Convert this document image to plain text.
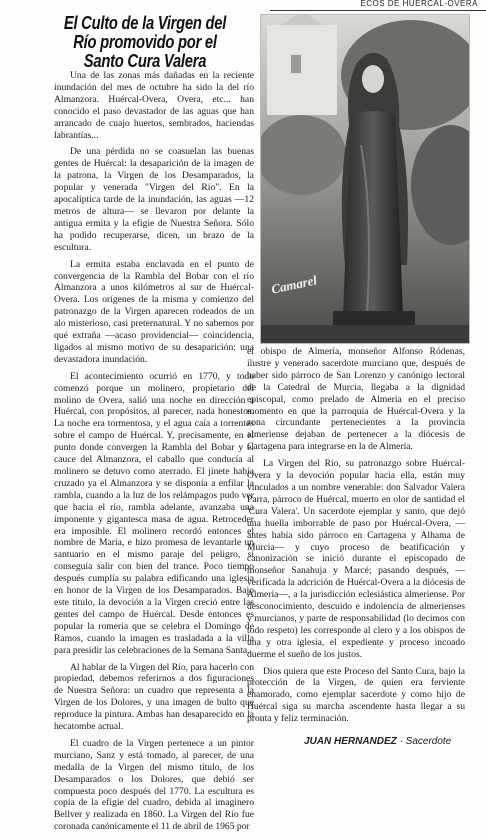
ECOS DE HUÉRCAL-OVERA
El Culto de la Virgen del Río promovido por el Santo Cura Valera

Una de las zonas más dañadas en la reciente inundación del mes de octubre ha sido la del río Almanzora. Huércal-Overa, Overa, etc... han conocido el paso devastador de las aguas que han arrancado de cuajo huertos, sembrados, haciendas labrantías...

De una pérdida no se coasuelan las buenas gentes de Huércal: la desaparición de la imagen de la patrona, la Virgen de los Desamparados, la popular y venerada "Virgen del Río". En la apocalíptica tarde de la inundación, las aguas —12 metros de altura— se llevaron por delante la antigua ermita y la efigie de Nuestra Señora. Sólo ha podido recuperarse, dicen, un brazo de la escultura.

La ermita estaba enclavada en el punto de convergencia de la Rambla del Bobar con el río Almanzora a unos kilómetros al sur de Huércal-Overa. Los orígenes de la misma y comienzo del patronazgo de la Virgen aparecen rodeados de un alo misterioso, casi preternatural. Y no sabemos por qué extraña —acaso providencial— coincidencia, ligados al mismo motivo de su desaparición: una devastadora inundación.

El acontecimiento ocurrió en 1770, y todo comenzó porque un molinero, propietario del molino de Overa, salió una noche en dirección a Huércal, con propósitos, al parecer, nada honestos. La noche era tormentosa, y el agua caía a torrentes sobre el campo de Huércal. Y, precisamente, en el punto donde convergen la Rambla del Bobar y el cauce del Almanzora, el caballo que conducía al molinero se detuvo como aterrado. El jinete había cruzado ya el Almanzora y se disponía a enfilar la rambla, cuando a la luz de los relámpagos pudo ver que hacia el río, rambla adelante, avanzaba una imponente y gigantesca masa de agua. Retroceder era imposible. El molinero recordó entonces el nombre de María, e hizo promesa de levantarle un santuario en el mismo paraje del peligro, si conseguía salir con bien del trance. Poco tiempo después cumplía su palabra edificando una iglesia en honor de la Virgen de los Desamparados. Bajo este título, la devoción a la Virgen creció entre las gentes del campo de Huércal. Desde entonces es popular la romería que se celebra el Domingo de Ramos, cuando la imagen es trasladada a la villa para presidir las celebraciones de la Semana Santa.

Al hablar de la Virgen del Río, para hacerlo con propiedad, debemos referirnos a dos figuraciones de Nuestra Señora: un cuadro que representa a la Virgen de los Dolores, y una imagen de bulto que reproduce la pintura. Ambas han desaparecido en la hecatombe actual.

El cuadro de la Virgen pertenece a un pintor murciano, Sanz y está tomado, al parecer, de una medalla de la Virgen del mismo título, de los Desamparados o los Dolores, que debió ser compuesta poco después del 1770. La escultura es copia de la efigie del cuadro, debida al imaginero Bellver y realizada en 1860. La Virgen del Río fue coronada canónicamente el 11 de abril de 1965 por

Camarel

el obispo de Almería, monseñor Alfonso Ródenas, ilustre y venerado sacerdote murciano que, después de haber sido párroco de San Lorenzo y canónigo lectoral de la Catedral de Murcia, llegaba a la dignidad episcopal, como prelado de Almería en el preciso momento en que la parroquia de Huércal-Overa y la zona circundante pertenecientes a la provincia almeriense dejaban de pertenecer a la diócesis de Cartagena para integrarse en la de Almería.

La Virgen del Río, su patronazgo sobre Huércal-Overa y la devoción popular hacia ella, están muy vinculados a un nombre venerable: don Salvador Valera Parra, párroco de Huércal, muerto en olor de santidad el 'Cura Valera'. Un sacerdote ejemplar y santo, que dejó una huella imborrable de paso por Huércal-Overa, —antes había sido párroco en Cartagena y Alhama de Murcia— y cuyo proceso de beatificación y canonización se inició durante el episcopado de monseñor Sanahuja y Marcé; pasando después, —verificada la adcrición de Huércal-Overa a la diócesis de Almería—, a la jurisdicción eclesiástica almeriense. Por desconocimiento, descuido e indolencia de almerienses y murcianos, y parte de responsabilidad (lo decimos con todo respeto) les corresponde al clero y a los obispos de una y otra iglesia, el expediente y proceso incoado duerme el sueño de los justos.

Dios quiera que este Proceso del Santo Cura, bajo la protección de la Virgen, de quien era ferviente enamorado, como ejemplar sacerdote y como hijo de Huércal siga su marcha ascendente hasta llegar a su pronta y feliz terminación.

JUAN HERNANDEZ · Sacerdote
